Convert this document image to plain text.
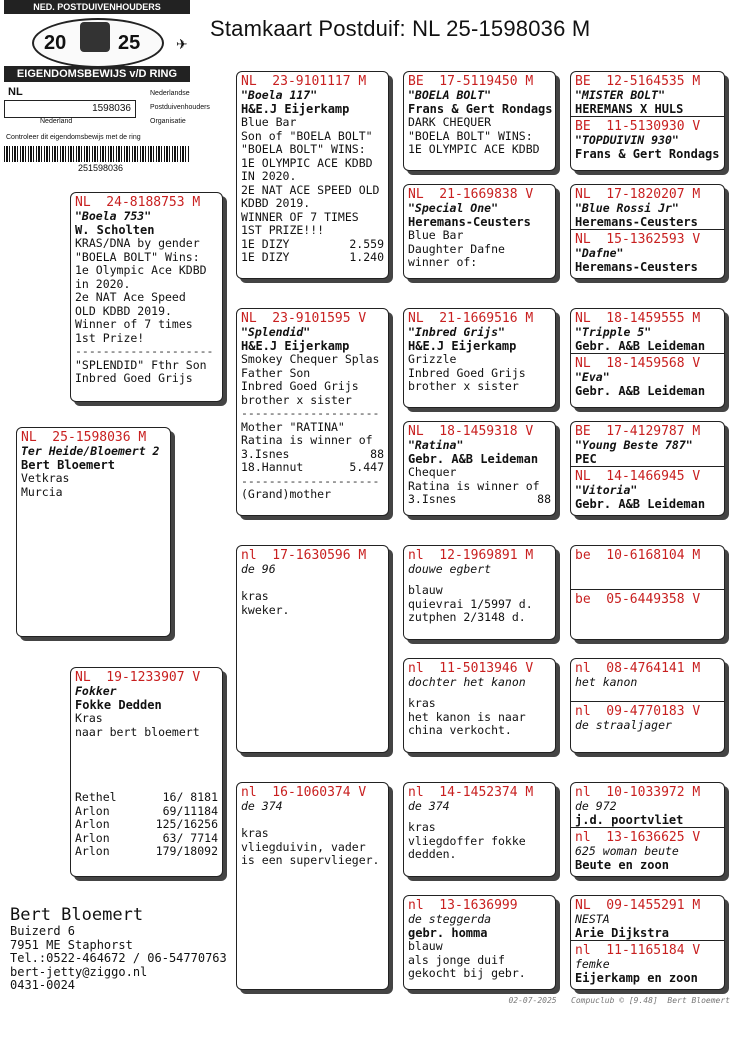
NED. POSTDUIVENHOUDERS
20	25	✈
EIGENDOMSBEWIJS v/D RING
NL
1598036
Nederland
Nederlandse
Postduivenhouders
Organisatie
Controleer dit eigendomsbewijs met de ring
251598036
Stamkaart Postduif: NL 25-1598036 M
NL  25-1598036 M
Ter Heide/Bloemert 2
Bert Bloemert
Vetkras
Murcia
NL  24-8188753 M
"Boela 753"
W. Scholten
KRAS/DNA by gender
"BOELA BOLT" Wins:
1e Olympic Ace KDBD
in 2020.
2e NAT Ace Speed
OLD KDBD 2019.
Winner of 7 times
1st Prize!
--------------------
"SPLENDID" Fthr Son
Inbred Goed Grijs
NL  19-1233907 V
Fokker
Fokke Dedden
Kras
naar bert bloemert
Rethel	16/ 8181
Arlon	69/11184
Arlon	125/16256
Arlon	63/ 7714
Arlon	179/18092
NL  23-9101117 M
"Boela 117"
H&E.J Eijerkamp
Blue Bar
Son of "BOELA BOLT"
"BOELA BOLT" WINS:
1E OLYMPIC ACE KDBD
IN 2020.
2E NAT ACE SPEED OLD
KDBD 2019.
WINNER OF 7 TIMES
1ST PRIZE!!!
1E DIZY	2.559
1E DIZY	1.240
NL  23-9101595 V
"Splendid"
H&E.J Eijerkamp
Smokey Chequer Splas
Father Son
Inbred Goed Grijs
brother x sister
--------------------
Mother "RATINA"
Ratina is winner of
3.Isnes	88
18.Hannut	5.447
--------------------
(Grand)mother
nl  17-1630596 M
de 96
kras
kweker.
nl  16-1060374 V
de 374
kras
vliegduivin, vader
is een supervlieger.
BE  17-5119450 M
"BOELA BOLT"
Frans & Gert Rondags
DARK CHEQUER
"BOELA BOLT" WINS:
1E OLYMPIC ACE KDBD
NL  21-1669838 V
"Special One"
Heremans-Ceusters
Blue Bar
Daughter Dafne
winner of:
NL  21-1669516 M
"Inbred Grijs"
H&E.J Eijerkamp
Grizzle
Inbred Goed Grijs
brother x sister
NL  18-1459318 V
"Ratina"
Gebr. A&B Leideman
Chequer
Ratina is winner of
3.Isnes	88
nl  12-1969891 M
douwe egbert
blauw
quievrai 1/5997 d.
zutphen 2/3148 d.
nl  11-5013946 V
dochter het kanon
kras
het kanon is naar
china verkocht.
nl  14-1452374 M
de 374
kras
vliegdoffer fokke
dedden.
nl  13-1636999
de steggerda
gebr. homma
blauw
als jonge duif
gekocht bij gebr.
BE  12-5164535 M
"MISTER BOLT"
HEREMANS X HULS
BE  11-5130930 V
"TOPDUIVIN 930"
Frans & Gert Rondags
NL  17-1820207 M
"Blue Rossi Jr"
Heremans-Ceusters
NL  15-1362593 V
"Dafne"
Heremans-Ceusters
NL  18-1459555 M
"Tripple 5"
Gebr. A&B Leideman
NL  18-1459568 V
"Eva"
Gebr. A&B Leideman
BE  17-4129787 M
"Young Beste 787"
PEC
NL  14-1466945 V
"Vitoria"
Gebr. A&B Leideman
be  10-6168104 M
be  05-6449358 V
nl  08-4764141 M
het kanon
nl  09-4770183 V
de straaljager
nl  10-1033972 M
de 972
j.d. poortvliet
nl  13-1636625 V
625 woman beute
Beute en zoon
NL  09-1455291 M
NESTA
Arie Dijkstra
nl  11-1165184 V
femke
Eijerkamp en zoon
Bert Bloemert
Buizerd 6
7951 ME Staphorst
Tel.:0522-464672 / 06-54770763
bert-jetty@ziggo.nl
0431-0024
02-07-2025   Compuclub © [9.48]  Bert Bloemert
